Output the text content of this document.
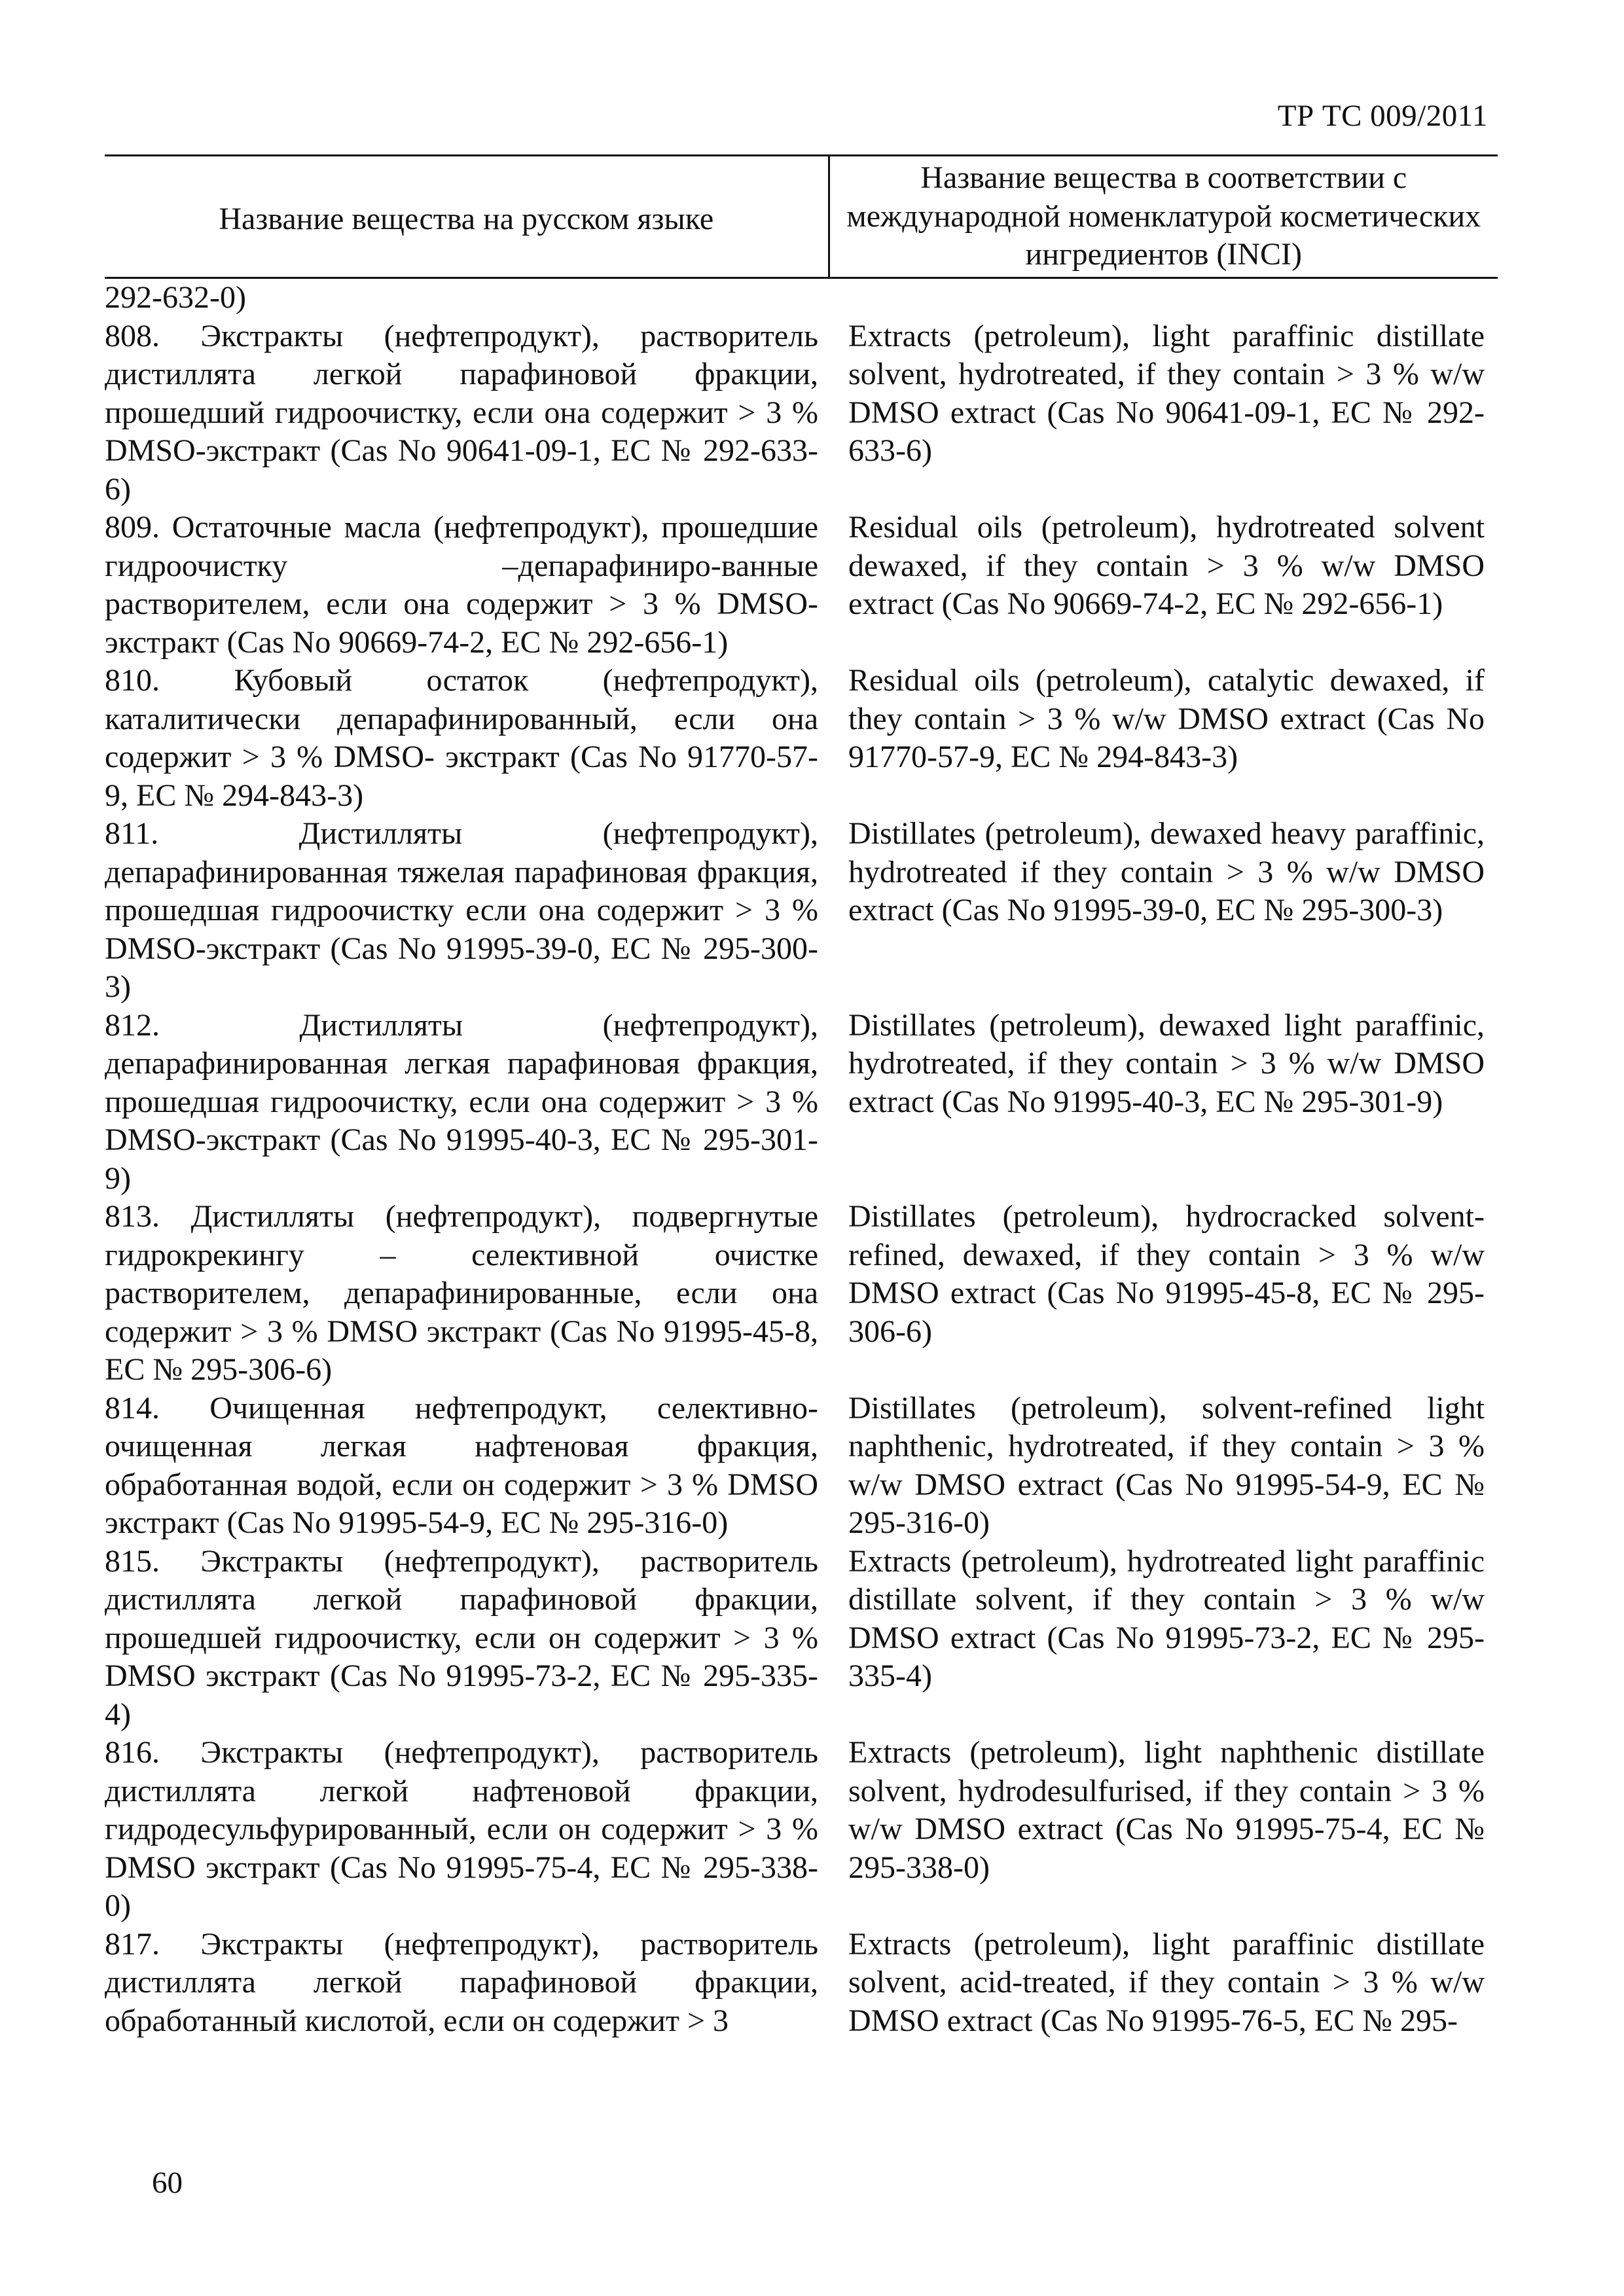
ТР ТС 009/2011
Название вещества на русском языке	Название вещества в соответствии с международной номенклатурой косметических ингредиентов (INCI)
292-632-0)	
808. Экстракты (нефтепродукт), растворитель дистиллята легкой парафиновой фракции, прошедший гидроочистку, если она содержит > 3 % DMSO-экстракт (Cas No 90641-09-1, ЕС № 292-633-6)	Extracts (petroleum), light paraffinic distillate solvent, hydrotreated, if they contain > 3 % w/w DMSO extract (Cas No 90641-09-1, EC № 292-633-6)
809. Остаточные масла (нефтепродукт), прошедшие гидроочистку –депарафиниро-ванные растворителем, если она содержит > 3 % DMSO-экстракт (Cas No 90669-74-2, ЕС № 292-656-1)	Residual oils (petroleum), hydrotreated solvent dewaxed, if they contain > 3 % w/w DMSO extract (Cas No 90669-74-2, EC № 292-656-1)
810. Кубовый остаток (нефтепродукт), каталитически депарафинированный, если она содержит > 3 % DMSO- экстракт (Cas No 91770-57-9, ЕС № 294-843-3)	Residual oils (petroleum), catalytic dewaxed, if they contain > 3 % w/w DMSO extract (Cas No 91770-57-9, EC № 294-843-3)
811. Дистилляты (нефтепродукт), депарафинированная тяжелая парафиновая фракция, прошедшая гидроочистку если она содержит > 3 % DMSO-экстракт (Cas No 91995-39-0, ЕС № 295-300-3)	Distillates (petroleum), dewaxed heavy paraffinic, hydrotreated if they contain > 3 % w/w DMSO extract (Cas No 91995-39-0, EC № 295-300-3)
812. Дистилляты (нефтепродукт), депарафинированная легкая парафиновая фракция, прошедшая гидроочистку, если она содержит > 3 % DMSO-экстракт (Cas No 91995-40-3, ЕС № 295-301-9)	Distillates (petroleum), dewaxed light paraffinic, hydrotreated, if they contain > 3 % w/w DMSO extract (Cas No 91995-40-3, EC № 295-301-9)
813. Дистилляты (нефтепродукт), подвергнутые гидрокрекингу – селективной очистке растворителем, депарафинированные, если она содержит > 3 % DMSO экстракт (Cas No 91995-45-8, ЕС № 295-306-6)	Distillates (petroleum), hydrocracked solvent-refined, dewaxed, if they contain > 3 % w/w DMSO extract (Cas No 91995-45-8, EC № 295-306-6)
814. Очищенная нефтепродукт, селективно-очищенная легкая нафтеновая фракция, обработанная водой, если он содержит > 3 % DMSO экстракт (Cas No 91995-54-9, ЕС № 295-316-0)	Distillates (petroleum), solvent-refined light naphthenic, hydrotreated, if they contain > 3 % w/w DMSO extract (Cas No 91995-54-9, EC № 295-316-0)
815. Экстракты (нефтепродукт), растворитель дистиллята легкой парафиновой фракции, прошедшей гидроочистку, если он содержит > 3 % DMSO экстракт (Cas No 91995-73-2, ЕС № 295-335-4)	Extracts (petroleum), hydrotreated light paraffinic distillate solvent, if they contain > 3 % w/w DMSO extract (Cas No 91995-73-2, EC № 295-335-4)
816. Экстракты (нефтепродукт), растворитель дистиллята легкой нафтеновой фракции, гидродесульфурированный, если он содержит > 3 % DMSO экстракт (Cas No 91995-75-4, ЕС № 295-338-0)	Extracts (petroleum), light naphthenic distillate solvent, hydrodesulfurised, if they contain > 3 % w/w DMSO extract (Cas No 91995-75-4, EC № 295-338-0)
817. Экстракты (нефтепродукт), растворитель дистиллята легкой парафиновой фракции, обработанный кислотой, если он содержит > 3	Extracts (petroleum), light paraffinic distillate solvent, acid-treated, if they contain > 3 % w/w DMSO extract (Cas No 91995-76-5, EC № 295-
60
